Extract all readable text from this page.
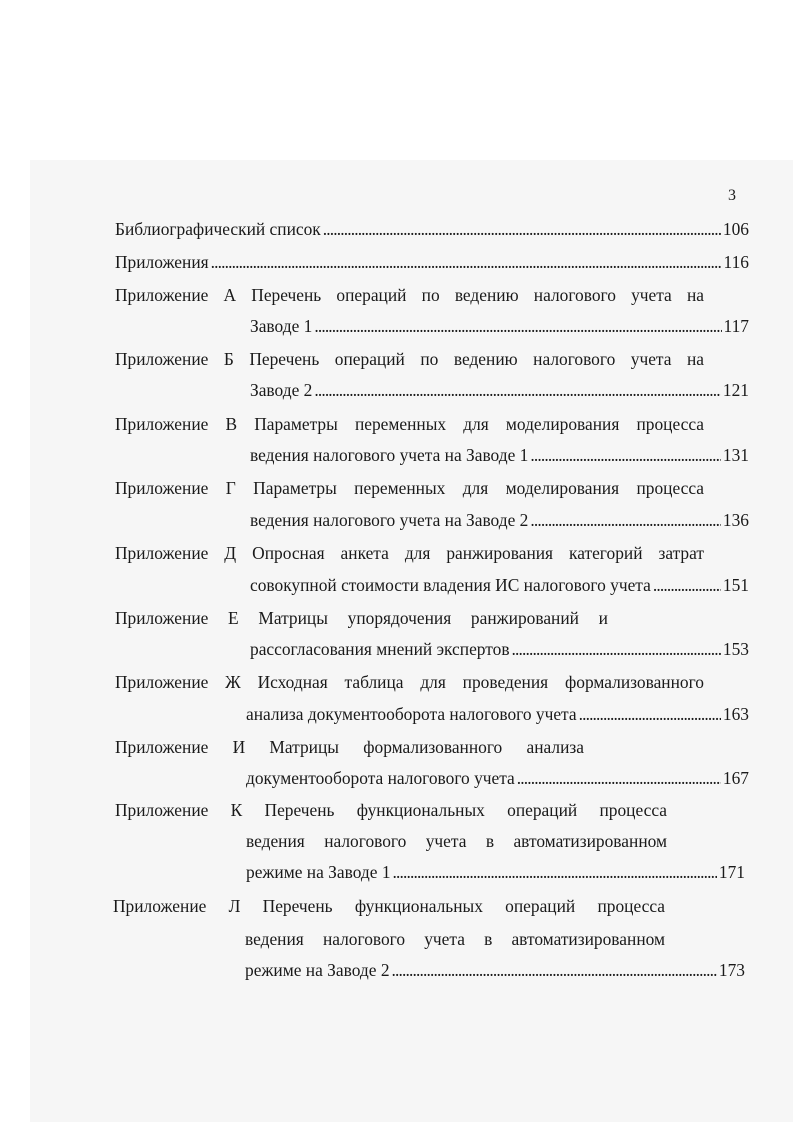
3
Библиографический список . . .	106
Приложения . . .	116
Приложение А Перечень операций по ведению налогового учета на
Заводе 1 . . .	117
Приложение Б Перечень операций по ведению налогового учета на
Заводе 2 . . .	121
Приложение В Параметры переменных для моделирования процесса
ведения налогового учета на Заводе 1 . . .	131
Приложение Г Параметры переменных для моделирования процесса
ведения налогового учета на Заводе 2 . . .	136
Приложение Д Опросная анкета для ранжирования категорий затрат
совокупной стоимости владения ИС налогового учета . . .	151
Приложение Е Матрицы упорядочения ранжирований и
рассогласования мнений экспертов . . .	153
Приложение Ж Исходная таблица для проведения формализованного
анализа документооборота налогового учета . . .	163
Приложение И Матрицы формализованного анализа
документооборота налогового учета . . .	167
Приложение К Перечень функциональных операций процесса
ведения налогового учета в автоматизированном
режиме на Заводе 1 . . .	171
Приложение Л Перечень функциональных операций процесса
ведения налогового учета в автоматизированном
режиме на Заводе 2 . . .	173
